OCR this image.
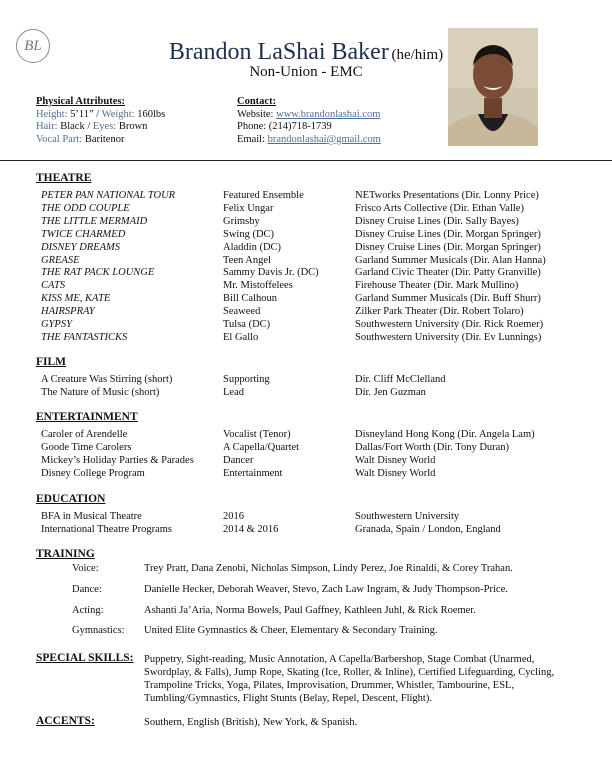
BL	Brandon LaShai Baker (he/him)
Non-Union - EMC
Physical Attributes:
Height: 5’11” / Weight: 160lbs
Hair: Black / Eyes: Brown
Vocal Part: Baritenor
Contact:
Website: www.brandonlashai.com
Phone: (214)718-1739
Email: brandonlashai@gmail.com
THEATRE
PETER PAN NATIONAL TOUR	Featured Ensemble	NETworks Presentations (Dir. Lonny Price)
THE ODD COUPLE	Felix Ungar	Frisco Arts Collective (Dir. Ethan Valle)
THE LITTLE MERMAID	Grimsby	Disney Cruise Lines (Dir. Sally Bayes)
TWICE CHARMED	Swing (DC)	Disney Cruise Lines (Dir. Morgan Springer)
DISNEY DREAMS	Aladdin (DC)	Disney Cruise Lines (Dir. Morgan Springer)
GREASE	Teen Angel	Garland Summer Musicals (Dir. Alan Hanna)
THE RAT PACK LOUNGE	Sammy Davis Jr. (DC)	Garland Civic Theater (Dir. Patty Granville)
CATS	Mr. Mistoffelees	Firehouse Theater (Dir. Mark Mullino)
KISS ME, KATE	Bill Calhoun	Garland Summer Musicals (Dir. Buff Shurr)
HAIRSPRAY	Seaweed	Zilker Park Theater (Dir. Robert Tolaro)
GYPSY	Tulsa (DC)	Southwestern University (Dir. Rick Roemer)
THE FANTASTICKS	El Gallo	Southwestern University (Dir. Ev Lunnings)
FILM
A Creature Was Stirring (short)	Supporting	Dir. Cliff McClelland
The Nature of Music (short)	Lead	Dir. Jen Guzman
ENTERTAINMENT
Caroler of Arendelle	Vocalist (Tenor)	Disneyland Hong Kong (Dir. Angela Lam)
Goode Time Carolers	A Capella/Quartet	Dallas/Fort Worth (Dir. Tony Duran)
Mickey’s Holiday Parties & Parades	Dancer	Walt Disney World
Disney College Program	Entertainment	Walt Disney World
EDUCATION
BFA in Musical Theatre	2016	Southwestern University
International Theatre Programs	2014 & 2016	Granada, Spain / London, England
TRAINING
Voice:	Trey Pratt, Dana Zenobi, Nicholas Simpson, Lindy Perez, Joe Rinaldi, & Corey Trahan.
Dance:	Danielle Hecker, Deborah Weaver, Stevo, Zach Law Ingram, & Judy Thompson-Price.
Acting:	Ashanti Ja’Aria, Norma Bowels, Paul Gaffney, Kathleen Juhl, & Rick Roemer.
Gymnastics: United Elite Gymnastics & Cheer, Elementary & Secondary Training.
SPECIAL SKILLS: Puppetry, Sight-reading, Music Annotation, A Capella/Barbershop, Stage Combat (Unarmed, Swordplay, & Falls), Jump Rope, Skating (Ice, Roller, & Inline), Certified Lifeguarding, Cycling, Trampoline Tricks, Yoga, Pilates, Improvisation, Drummer, Whistler, Tambourine, ESL, Tumbling/Gymnastics, Flight Stunts (Belay, Repel, Descent, Flight).
ACCENTS:	Southern, English (British), New York, & Spanish.
